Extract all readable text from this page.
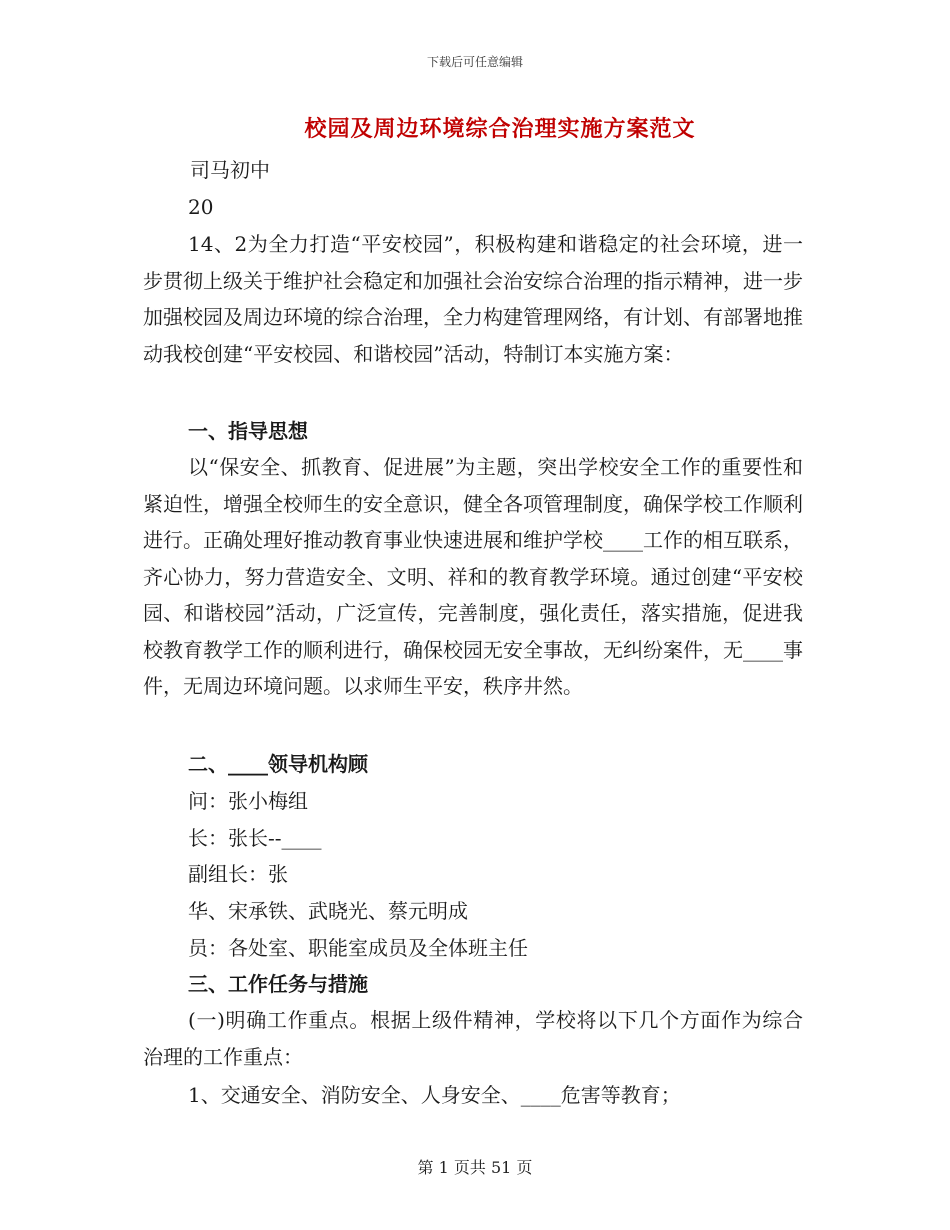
下载后可任意编辑
校园及周边环境综合治理实施方案范文
司马初中
20
14、2为全力打造“平安校园”，积极构建和谐稳定的社会环境，进一步贯彻上级关于维护社会稳定和加强社会治安综合治理的指示精神，进一步加强校园及周边环境的综合治理，全力构建管理网络，有计划、有部署地推动我校创建“平安校园、和谐校园”活动，特制订本实施方案：
一、指导思想
以“保安全、抓教育、促进展”为主题，突出学校安全工作的重要性和紧迫性，增强全校师生的安全意识，健全各项管理制度，确保学校工作顺利进行。正确处理好推动教育事业快速进展和维护学校____工作的相互联系，齐心协力，努力营造安全、文明、祥和的教育教学环境。通过创建“平安校园、和谐校园”活动，广泛宣传，完善制度，强化责任，落实措施，促进我校教育教学工作的顺利进行，确保校园无安全事故，无纠纷案件，无____事件，无周边环境问题。以求师生平安，秩序井然。
二、____领导机构顾
问：张小梅组
长：张长--____
副组长：张
华、宋承铁、武晓光、蔡元明成
员：各处室、职能室成员及全体班主任
三、工作任务与措施
(一)明确工作重点。根据上级件精神，学校将以下几个方面作为综合治理的工作重点：
1、交通安全、消防安全、人身安全、____危害等教育；
第 1 页共 51 页
